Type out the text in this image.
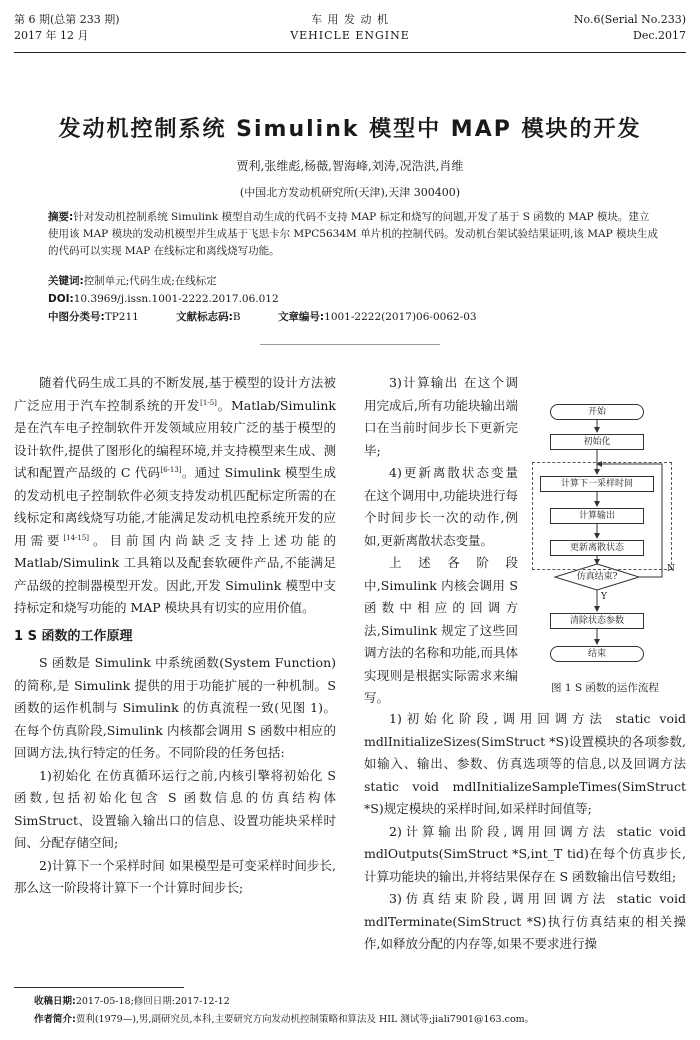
第 6 期(总第 233 期)
2017 年 12 月
车 用 发 动 机
VEHICLE ENGINE
No.6(Serial No.233)
Dec.2017
发动机控制系统 Simulink 模型中 MAP 模块的开发
贾利,张维彪,杨薇,智海峰,刘涛,况浩洪,肖维
(中国北方发动机研究所(天津),天津 300400)
摘要:针对发动机控制系统 Simulink 模型自动生成的代码不支持 MAP 标定和烧写的问题,开发了基于 S 函数的 MAP 模块。建立使用该 MAP 模块的发动机模型并生成基于飞思卡尔 MPC5634M 单片机的控制代码。发动机台架试验结果证明,该 MAP 模块生成的代码可以实现 MAP 在线标定和离线烧写功能。
关键词:控制单元;代码生成;在线标定
DOI:10.3969/j.issn.1001-2222.2017.06.012
中图分类号:TP211	文献标志码:B	文章编号:1001-2222(2017)06-0062-03

随着代码生成工具的不断发展,基于模型的设计方法被广泛应用于汽车控制系统的开发[1-5]。Matlab/Simulink 是在汽车电子控制软件开发领域应用较广泛的基于模型的设计软件,提供了图形化的编程环境,并支持模型来生成、测试和配置产品级的 C 代码[6-13]。通过 Simulink 模型生成的发动机电子控制软件必须支持发动机匹配标定所需的在线标定和离线烧写功能,才能满足发动机电控系统开发的应用需要[14-15]。目前国内尚缺乏支持上述功能的 Matlab/Simulink 工具箱以及配套软硬件产品,不能满足产品级的控制器模型开发。因此,开发 Simulink 模型中支持标定和烧写功能的 MAP 模块具有切实的应用价值。

1 S 函数的工作原理

S 函数是 Simulink 中系统函数(System Function)的简称,是 Simulink 提供的用于功能扩展的一种机制。S 函数的运作机制与 Simulink 的仿真流程一致(见图 1)。在每个仿真阶段,Simulink 内核都会调用 S 函数中相应的回调方法,执行特定的任务。不同阶段的任务包括:

1)初始化 在仿真循环运行之前,内核引擎将初始化 S 函数,包括初始化包含 S 函数信息的仿真结构体 SimStruct、设置输入输出口的信息、设置功能块采样时间、分配存储空间;

2)计算下一个采样时间 如果模型是可变采样时间步长,那么这一阶段将计算下一个计算时间步长;

3)计算输出 在这个调用完成后,所有功能块输出端口在当前时间步长下更新完毕;

4)更新离散状态变量 在这个调用中,功能块进行每个时间步长一次的动作,例如,更新离散状态变量。

上述各阶段中,Simulink 内核会调用 S 函数中相应的回调方法,Simulink 规定了这些回调方法的名称和功能,而具体实现则是根据实际需求来编写。

开始
初始化
计算下一采样时间
计算输出
更新离散状态
仿真结束?
Y
N
清除状态参数
结束
图 1 S 函数的运作流程

1)初始化阶段,调用回调方法 static void mdlInitializeSizes(SimStruct *S)设置模块的各项参数,如输入、输出、参数、仿真选项等的信息,以及回调方法 static void mdlInitializeSampleTimes(SimStruct *S)规定模块的采样时间,如采样时间值等;

2)计算输出阶段,调用回调方法 static void mdlOutputs(SimStruct *S,int_T tid)在每个仿真步长,计算功能块的输出,并将结果保存在 S 函数输出信号数组;

3)仿真结束阶段,调用回调方法 static void mdlTerminate(SimStruct *S)执行仿真结束的相关操作,如释放分配的内存等,如果不要求进行操

收稿日期:2017-05-18;修回日期:2017-12-12
作者简介:贾利(1979—),男,副研究员,本科,主要研究方向发动机控制策略和算法及 HIL 测试等;jiali7901@163.com。
